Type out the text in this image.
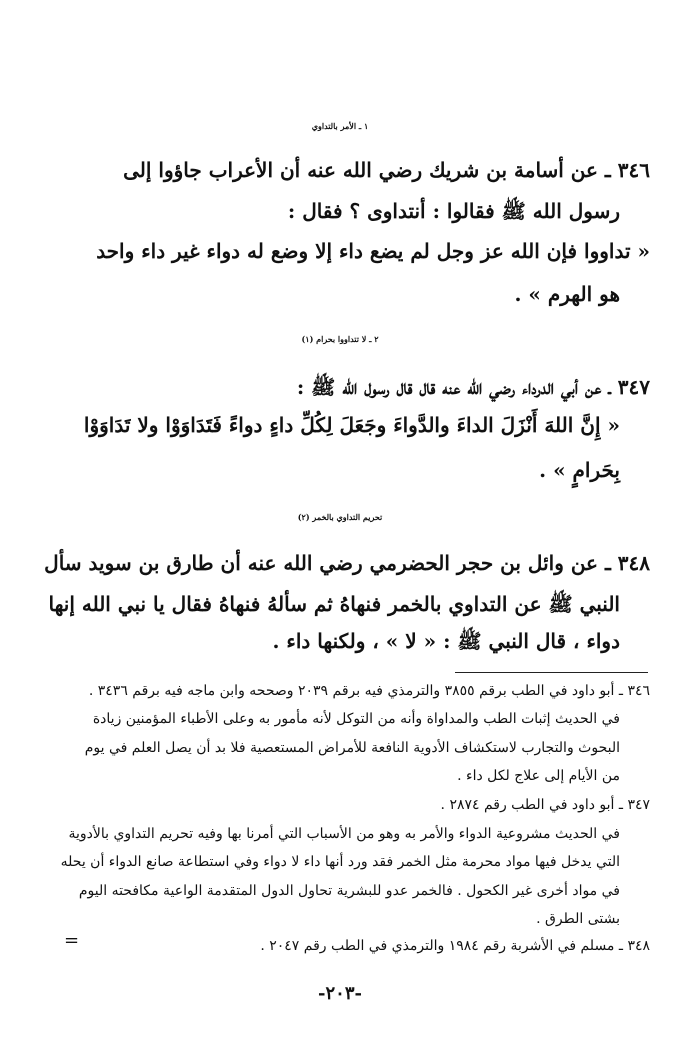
١ ـ الأمر بالتداوي
٣٤٦ ـ عن أسامة بن شريك رضي الله عنه أن الأعراب جاؤوا إلى
رسول الله ﷺ فقالوا : أنتداوى ؟ فقال :
« تداووا فإن الله عز وجل لم يضع داء إلا وضع له دواء غير داء واحد
هو الهرم » .
٢ ـ لا تتداووا بحرام (١)
٣٤٧ ـ عن أبي الدرداء رضي الله عنه قال قال رسول الله ﷺ :
« إِنَّ اللهَ أَنْزَلَ الداءَ والدَّواءَ وجَعَلَ لِكُلِّ داءٍ دواءً فَتَدَاوَوْا ولا تَدَاوَوْا
بِحَرامٍ » .
تحريم التداوي بالخمر (٢)
٣٤٨ ـ عن وائل بن حجر الحضرمي رضي الله عنه أن طارق بن سويد سأل
النبي ﷺ عن التداوي بالخمر فنهاهُ ثم سألهُ فنهاهُ فقال يا نبي الله إنها
دواء ، قال النبي ﷺ : « لا » ، ولكنها داء .
٣٤٦ ـ أبو داود في الطب برقم ٣٨٥٥ والترمذي فيه برقم ٢٠٣٩ وصححه وابن ماجه فيه برقم ٣٤٣٦ .
في الحديث إثبات الطب والمداواة وأنه من التوكل لأنه مأمور به وعلى الأطباء المؤمنين زيادة
البحوث والتجارب لاستكشاف الأدوية النافعة للأمراض المستعصية فلا بد أن يصل العلم في يوم
من الأيام إلى علاج لكل داء .
٣٤٧ ـ أبو داود في الطب رقم ٢٨٧٤ .
في الحديث مشروعية الدواء والأمر به وهو من الأسباب التي أمرنا بها وفيه تحريم التداوي بالأدوية
التي يدخل فيها مواد محرمة مثل الخمر فقد ورد أنها داء لا دواء وفي استطاعة صانع الدواء أن يحله
في مواد أخرى غير الكحول . فالخمر عدو للبشرية تحاول الدول المتقدمة الواعية مكافحته اليوم
بشتى الطرق .
٣٤٨ ـ مسلم في الأشربة رقم ١٩٨٤ والترمذي في الطب رقم ٢٠٤٧ .
=
-٢٠٣-
